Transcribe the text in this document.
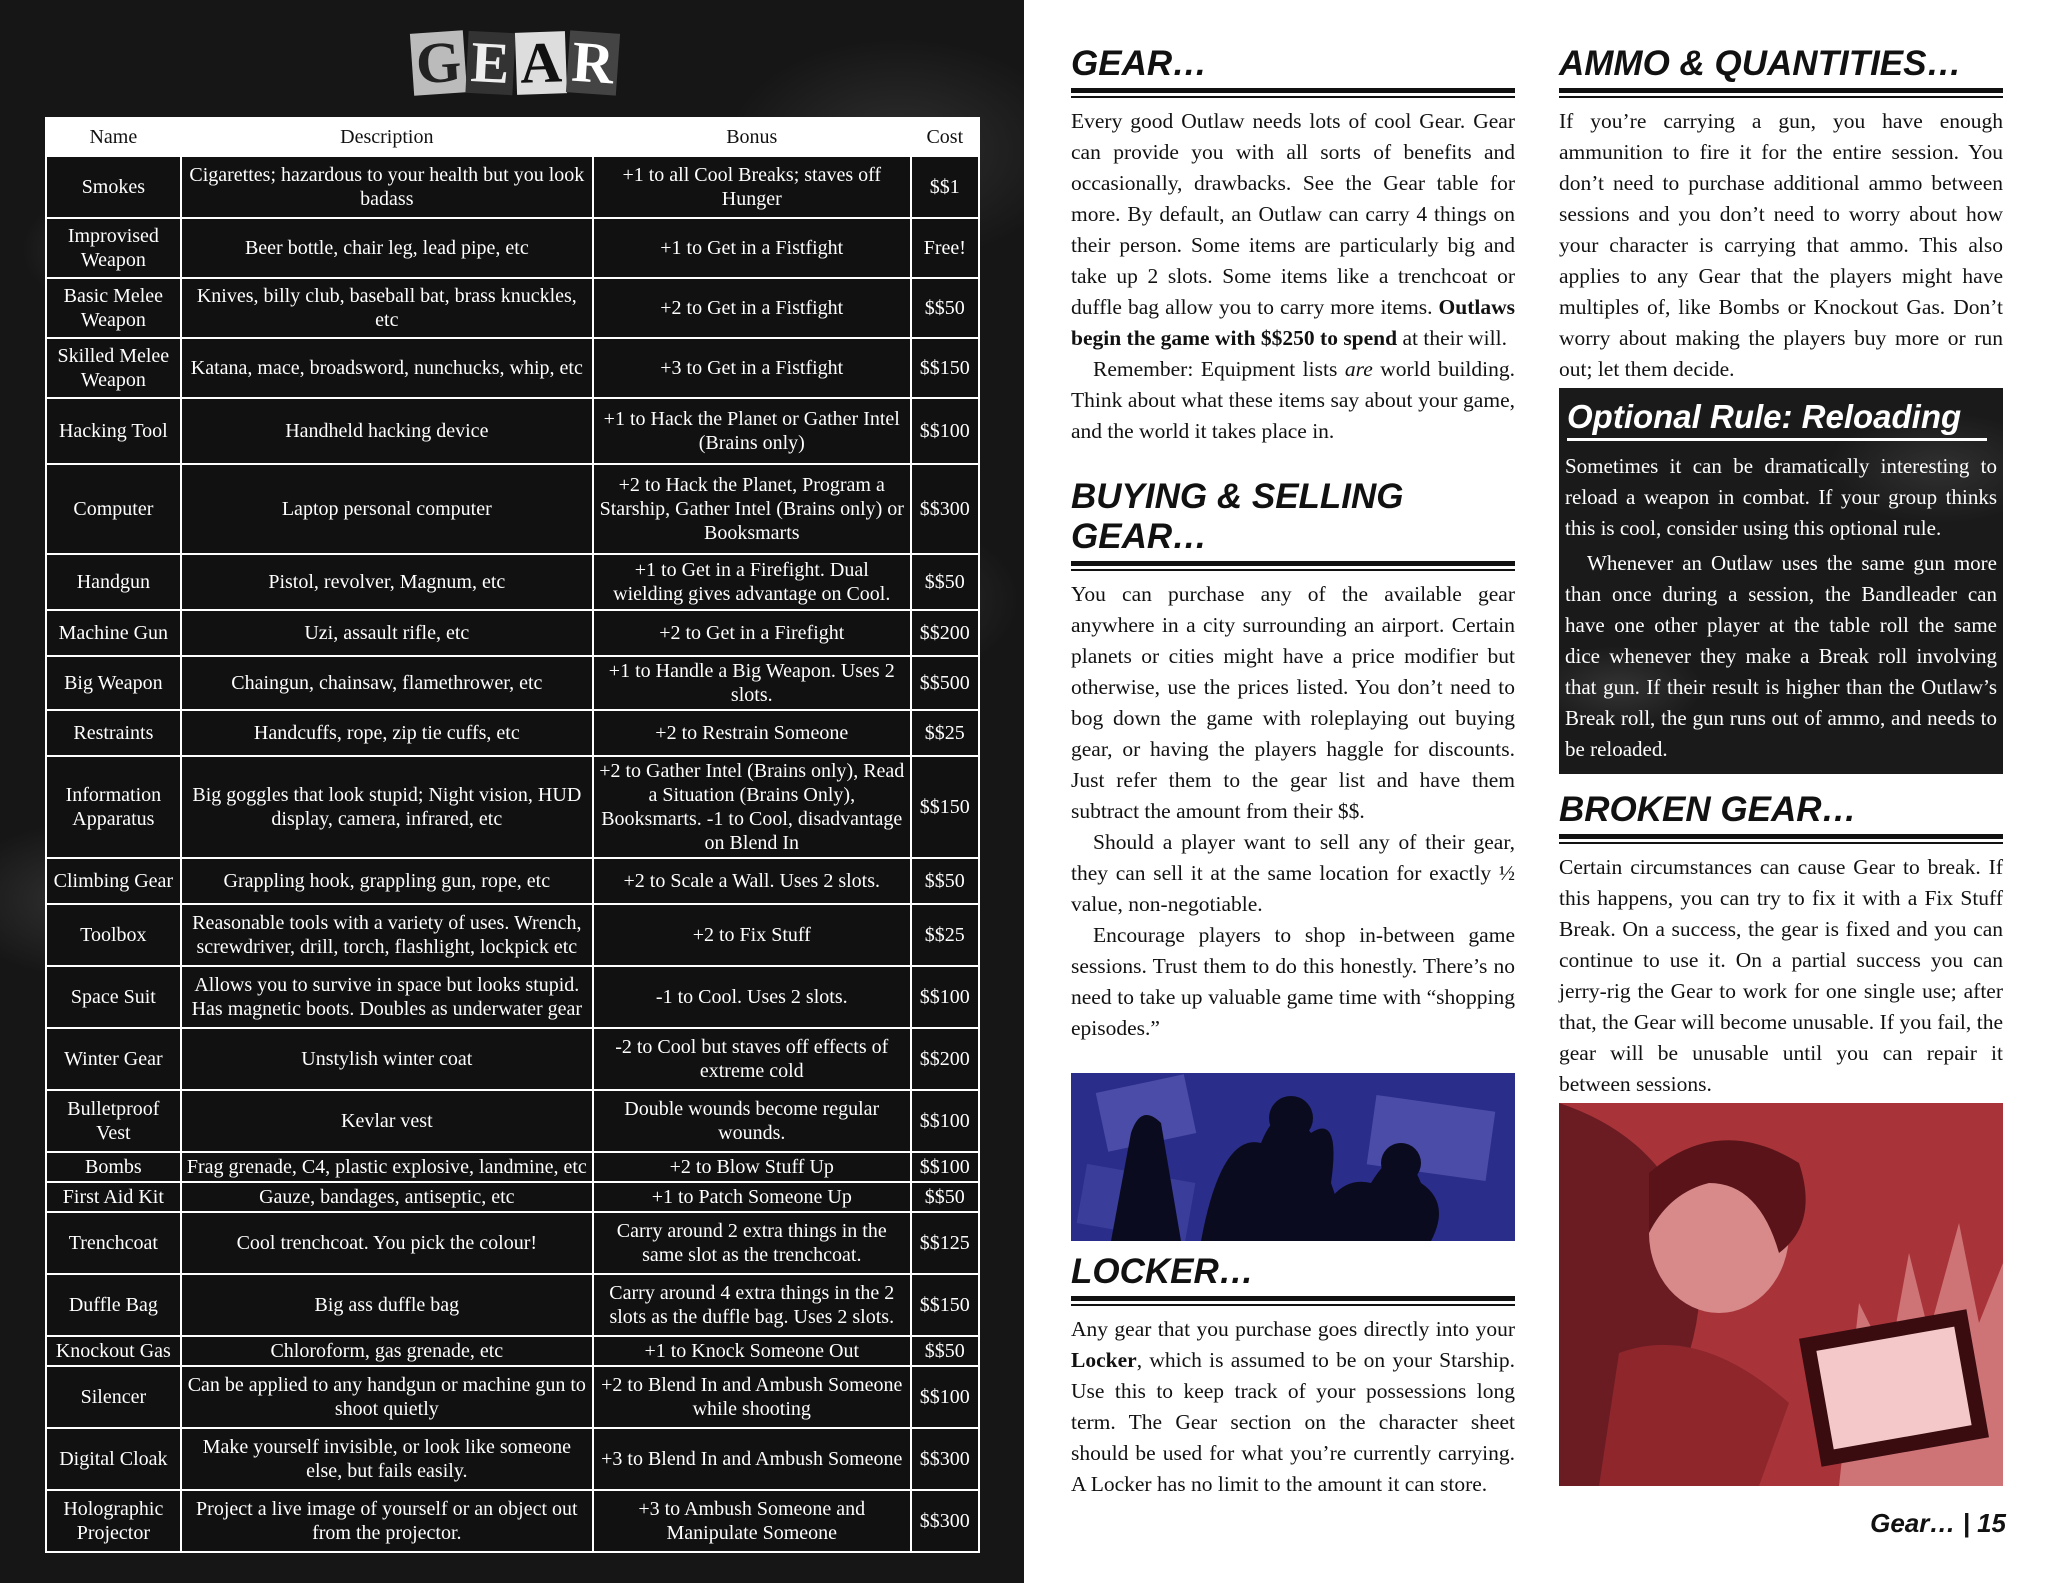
G E A R
Name	Description	Bonus	Cost
Smokes	Cigarettes; hazardous to your health but you look badass	+1 to all Cool Breaks; staves off Hunger	$$1
Improvised Weapon	Beer bottle, chair leg, lead pipe, etc	+1 to Get in a Fistfight	Free!
Basic Melee Weapon	Knives, billy club, baseball bat, brass knuckles, etc	+2 to Get in a Fistfight	$$50
Skilled Melee Weapon	Katana, mace, broadsword, nunchucks, whip, etc	+3 to Get in a Fistfight	$$150
Hacking Tool	Handheld hacking device	+1 to Hack the Planet or Gather Intel (Brains only)	$$100
Computer	Laptop personal computer	+2 to Hack the Planet, Program a Starship, Gather Intel (Brains only) or Booksmarts	$$300
Handgun	Pistol, revolver, Magnum, etc	+1 to Get in a Firefight. Dual wielding gives advantage on Cool.	$$50
Machine Gun	Uzi, assault rifle, etc	+2 to Get in a Firefight	$$200
Big Weapon	Chaingun, chainsaw, flamethrower, etc	+1 to Handle a Big Weapon. Uses 2 slots.	$$500
Restraints	Handcuffs, rope, zip tie cuffs, etc	+2 to Restrain Someone	$$25
Information Apparatus	Big goggles that look stupid; Night vision, HUD display, camera, infrared, etc	+2 to Gather Intel (Brains only), Read a Situation (Brains Only), Booksmarts. -1 to Cool, disadvantage on Blend In	$$150
Climbing Gear	Grappling hook, grappling gun, rope, etc	+2 to Scale a Wall. Uses 2 slots.	$$50
Toolbox	Reasonable tools with a variety of uses. Wrench, screwdriver, drill, torch, flashlight, lockpick etc	+2 to Fix Stuff	$$25
Space Suit	Allows you to survive in space but looks stupid. Has magnetic boots. Doubles as underwater gear	-1 to Cool. Uses 2 slots.	$$100
Winter Gear	Unstylish winter coat	-2 to Cool but staves off effects of extreme cold	$$200
Bulletproof Vest	Kevlar vest	Double wounds become regular wounds.	$$100
Bombs	Frag grenade, C4, plastic explosive, landmine, etc	+2 to Blow Stuff Up	$$100
First Aid Kit	Gauze, bandages, antiseptic, etc	+1 to Patch Someone Up	$$50
Trenchcoat	Cool trenchcoat. You pick the colour!	Carry around 2 extra things in the same slot as the trenchcoat.	$$125
Duffle Bag	Big ass duffle bag	Carry around 4 extra things in the 2 slots as the duffle bag. Uses 2 slots.	$$150
Knockout Gas	Chloroform, gas grenade, etc	+1 to Knock Someone Out	$$50
Silencer	Can be applied to any handgun or machine gun to shoot quietly	+2 to Blend In and Ambush Someone while shooting	$$100
Digital Cloak	Make yourself invisible, or look like someone else, but fails easily.	+3 to Blend In and Ambush Someone	$$300
Holographic Projector	Project a live image of yourself or an object out from the projector.	+3 to Ambush Someone and Manipulate Someone	$$300
GEAR…

Every good Outlaw needs lots of cool Gear. Gear can provide you with all sorts of benefits and occasionally, drawbacks. See the Gear table for more. By default, an Outlaw can carry 4 things on their person. Some items are particularly big and take up 2 slots. Some items like a trenchcoat or duffle bag allow you to carry more items. Outlaws begin the game with $$250 to spend at their will.

Remember: Equipment lists are world building. Think about what these items say about your game, and the world it takes place in.

BUYING & SELLING GEAR…

You can purchase any of the available gear anywhere in a city surrounding an airport. Certain planets or cities might have a price modifier but otherwise, use the prices listed. You don’t need to bog down the game with roleplaying out buying gear, or having the players haggle for discounts. Just refer them to the gear list and have them subtract the amount from their $$.

Should a player want to sell any of their gear, they can sell it at the same location for exactly ½ value, non-negotiable.

Encourage players to shop in-between game sessions. Trust them to do this honestly. There’s no need to take up valuable game time with “shopping episodes.”

LOCKER…

Any gear that you purchase goes directly into your Locker, which is assumed to be on your Starship. Use this to keep track of your possessions long term. The Gear section on the character sheet should be used for what you’re currently carrying. A Locker has no limit to the amount it can store.

AMMO & QUANTITIES…

If you’re carrying a gun, you have enough ammunition to fire it for the entire session. You don’t need to purchase additional ammo between sessions and you don’t need to worry about how your character is carrying that ammo. This also applies to any Gear that the players might have multiples of, like Bombs or Knockout Gas. Don’t worry about making the players buy more or run out; let them decide.

BROKEN GEAR…

Certain circumstances can cause Gear to break. If this happens, you can try to fix it with a Fix Stuff Break. On a success, the gear is fixed and you can continue to use it. On a partial success you can jerry-rig the Gear to work for one single use; after that, the Gear will become unusable. If you fail, the gear will be unusable until you can repair it between sessions.

Optional Rule: Reloading

Sometimes it can be dramatically interesting to reload a weapon in combat. If your group thinks this is cool, consider using this optional rule.

Whenever an Outlaw uses the same gun more than once during a session, the Bandleader can have one other player at the table roll the same dice whenever they make a Break roll involving that gun. If their result is higher than the Outlaw’s Break roll, the gun runs out of ammo, and needs to be reloaded.

Gear… | 15
